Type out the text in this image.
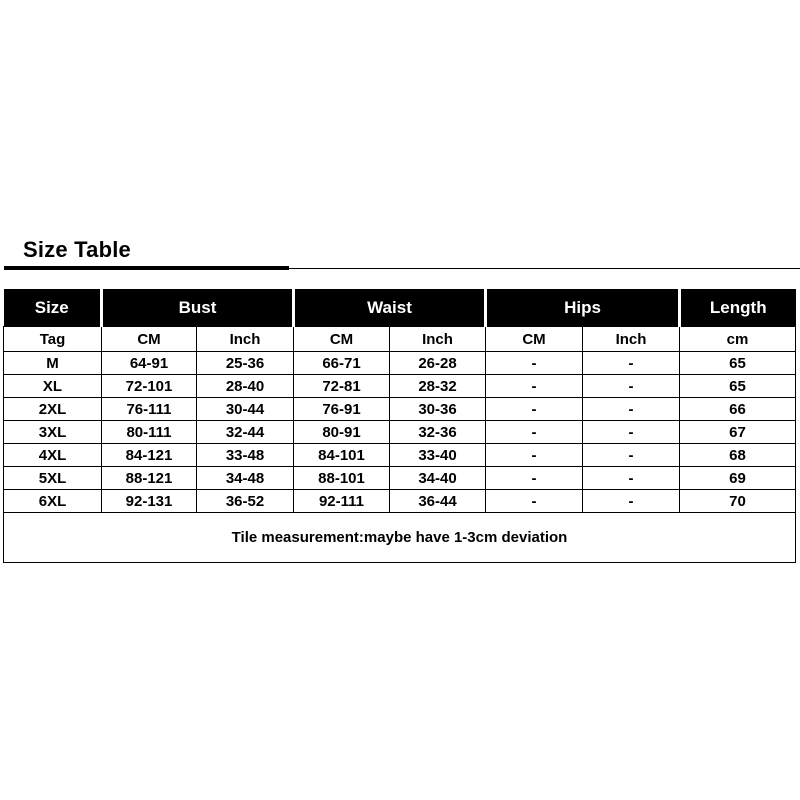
Size Table
Size	Bust		Waist		Hips		Length
Tag	CM	Inch	CM	Inch	CM	Inch	cm
M	64-91	25-36	66-71	26-28	-	-	65
XL	72-101	28-40	72-81	28-32	-	-	65
2XL	76-111	30-44	76-91	30-36	-	-	66
3XL	80-111	32-44	80-91	32-36	-	-	67
4XL	84-121	33-48	84-101	33-40	-	-	68
5XL	88-121	34-48	88-101	34-40	-	-	69
6XL	92-131	36-52	92-111	36-44	-	-	70
Tile measurement:maybe have 1-3cm deviation							
